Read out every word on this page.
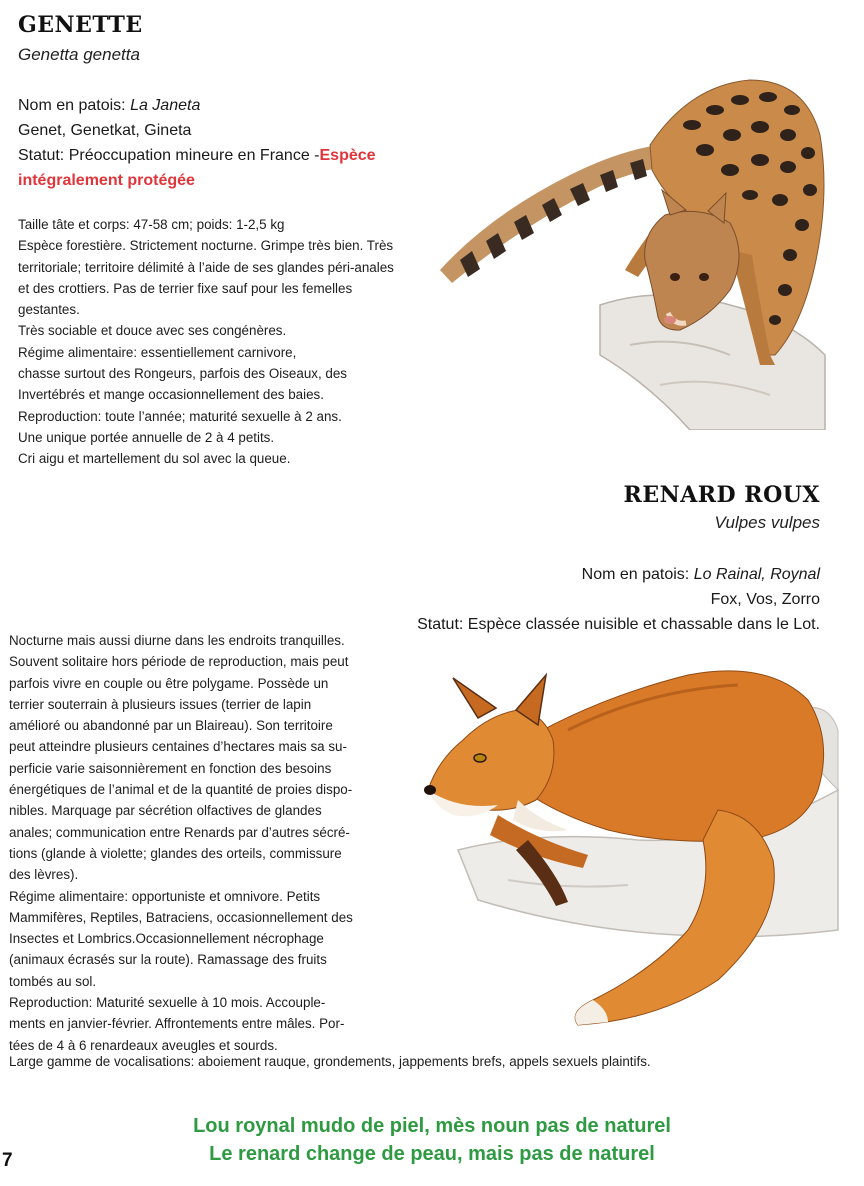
GENETTE
Genetta genetta
Nom en patois: La Janeta
Genet, Genetkat, Gineta
Statut: Préoccupation mineure en France -Espèce
intégralement protégée
Taille tâte et corps: 47-58 cm; poids: 1-2,5 kg
Espèce forestière. Strictement nocturne. Grimpe très bien. Très
territoriale; territoire délimité à l’aide de ses glandes péri-anales
et des crottiers. Pas de terrier fixe sauf pour les femelles
gestantes.
Très sociable et douce avec ses congénères.
Régime alimentaire: essentiellement carnivore,
chasse surtout des Rongeurs, parfois des Oiseaux, des
Invertébrés et mange occasionnellement des baies.
Reproduction: toute l’année; maturité sexuelle à 2 ans.
Une unique portée annuelle de 2 à 4 petits.
Cri aigu et martellement du sol avec la queue.
RENARD ROUX
Vulpes vulpes
Nom en patois: Lo Rainal, Roynal
Fox, Vos, Zorro
Statut: Espèce classée nuisible et chassable dans le Lot.
Nocturne mais aussi diurne dans les endroits tranquilles.
Souvent solitaire hors période de reproduction, mais peut
parfois vivre en couple ou être polygame. Possède un
terrier souterrain à plusieurs issues (terrier de lapin
amélioré ou abandonné par un Blaireau). Son territoire
peut atteindre plusieurs centaines d’hectares mais sa su-
perficie varie saisonnièrement en fonction des besoins
énergétiques de l’animal et de la quantité de proies dispo-
nibles. Marquage par sécrétion olfactives de glandes
anales; communication entre Renards par d’autres sécré-
tions (glande à violette; glandes des orteils, commissure
des lèvres).
Régime alimentaire: opportuniste et omnivore. Petits
Mammifères, Reptiles, Batraciens, occasionnellement des
Insectes et Lombrics.Occasionnellement nécrophage
(animaux écrasés sur la route). Ramassage des fruits
tombés au sol.
Reproduction: Maturité sexuelle à 10 mois. Accouple-
ments en janvier-février. Affrontements entre mâles. Por-
tées de 4 à 6 renardeaux aveugles et sourds.
Large gamme de vocalisations: aboiement rauque, grondements, jappements brefs, appels sexuels plaintifs.
Lou roynal mudo de piel, mès noun pas de naturel
Le renard change de peau, mais pas de naturel
7
